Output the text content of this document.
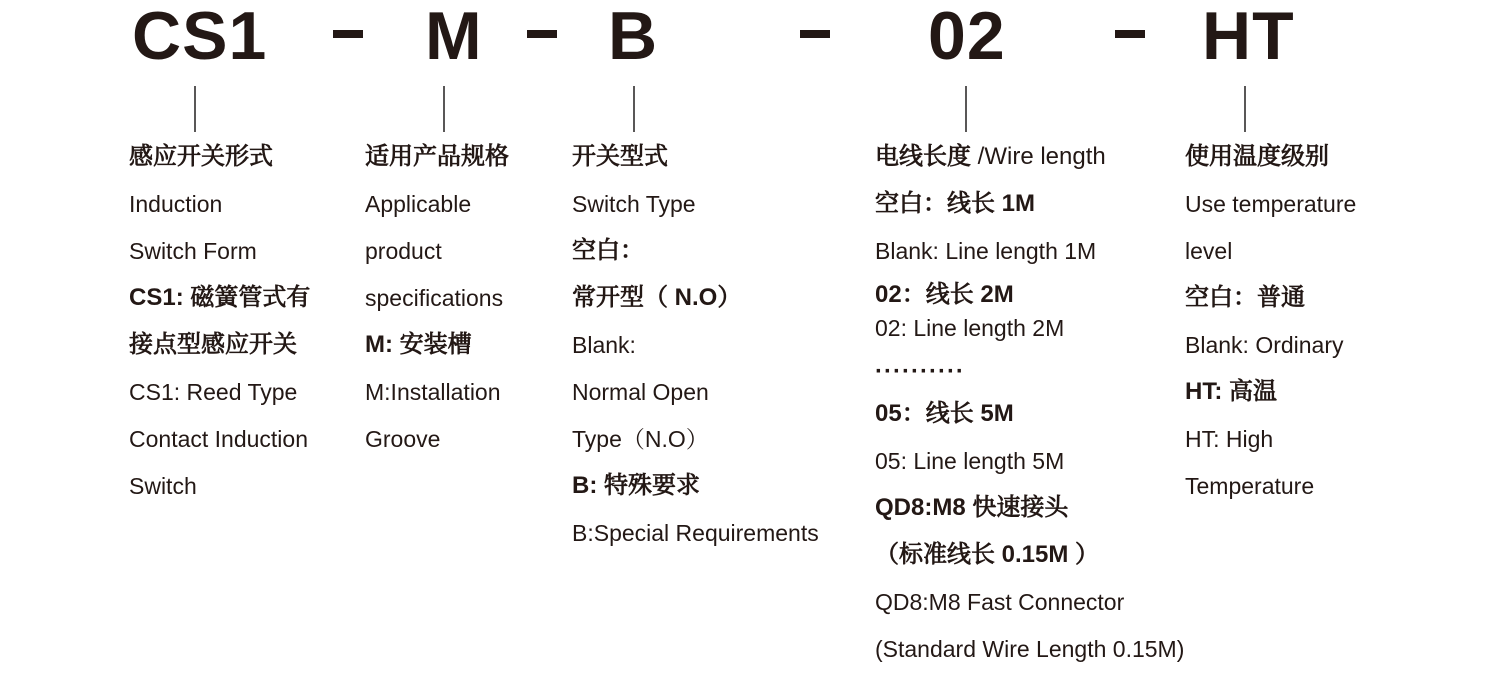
CS1 M B	02	HT
感应开关形式
Induction
Switch Form
CS1: 磁簧管式有
接点型感应开关
CS1: Reed Type
Contact Induction
Switch
适用产品规格
Applicable
product
specifications
M: 安装槽
M:Installation
Groove
开关型式
Switch Type
空白：
常开型（ N.O）
Blank:
Normal Open
Type（N.O）
B: 特殊要求
B:Special Requirements
电线长度 /Wire length
空白：线长 1M
Blank: Line length 1M
02：线长 2M
02: Line length 2M
··········
05：线长 5M
05: Line length 5M
QD8:M8 快速接头
（标准线长 0.15M ）
QD8:M8 Fast Connector
(Standard Wire Length 0.15M)
使用温度级别
Use temperature
level
空白：普通
Blank: Ordinary
HT: 高温
HT: High
Temperature
